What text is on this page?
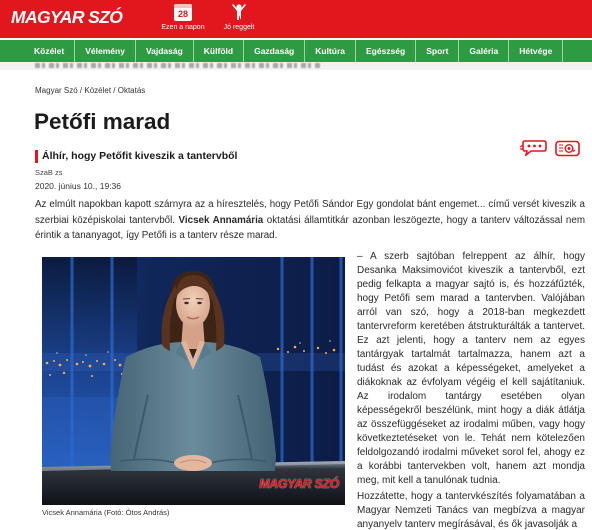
MAGYAR SZÓ	28
Ezen a napon	Jó reggelt
Közélet	Vélemény	Vajdaság	Külföld	Gazdaság	Kultúra	Egészség	Sport	Galéria	Hétvége
Magyar Szó / Közélet / Oktatás
Petőfi marad
Álhír, hogy Petőfit kiveszik a tantervből
SzaB zs
2020. június 10., 19:36

Az elmúlt napokban kapott szárnyra az a híresztelés, hogy Petőfi Sándor Egy gondolat bánt engemet... című versét kiveszik a szerbiai középiskolai tantervből. Vicsek Annamária oktatási államtitkár azonban leszögezte, hogy a tanterv változással nem érintik a tananyagot, így Petőfi is a tanterv része marad.

MAGYAR SZÓ
Vicsek Annamária (Fotó: Ótos András)

– A szerb sajtóban felreppent az álhír, hogy Desanka Maksimovićot kiveszik a tantervből, ezt pedig felkapta a magyar sajtó is, és hozzáfűzték, hogy Petőfi sem marad a tantervben. Valójában arról van szó, hogy a 2018-ban megkezdett tantervreform keretében átstrukturálták a tantervet. Ez azt jelenti, hogy a tanterv nem az egyes tantárgyak tartalmát tartalmazza, hanem azt a tudást és azokat a képességeket, amelyeket a diákoknak az évfolyam végéig el kell sajátítaniuk. Az irodalom tantárgy esetében olyan képességekről beszélünk, mint hogy a diák átlátja az összefüggéseket az irodalmi műben, vagy hogy következtetéseket von le. Tehát nem kötelezően feldolgozandó irodalmi műveket sorol fel, ahogy ez a korábbi tantervekben volt, hanem azt mondja meg, mit kell a tanulónak tudnia.

Hozzátette, hogy a tantervkészítés folyamatában a Magyar Nemzeti Tanács van megbízva a magyar anyanyelv tanterv megírásával, és ők javasolják a
